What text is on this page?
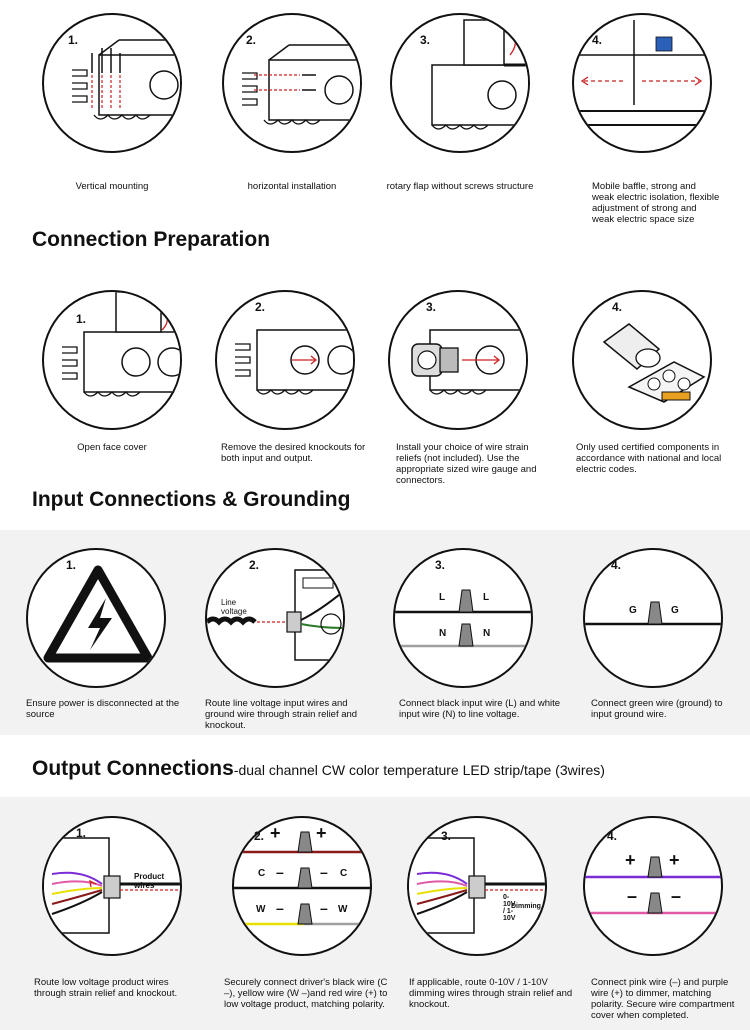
1.
Vertical mounting
2.
horizontal installation
3.
rotary flap without screws structure
4.
Mobile baffle, strong and weak electric isolation, flexible adjustment of strong and weak electric space size
Connection Preparation
1.
Open face cover
2.
Remove the desired knockouts for both input and output.
3.
Install your choice of wire strain reliefs (not included). Use the appropriate sized wire gauge and connectors.
4.
Only used certified components in accordance with national and local electric codes.
Input Connections & Grounding
1.
Ensure power is disconnected at the source
2.
Line voltage
Route line voltage input wires and ground wire through strain relief and knockout.
3.
L	L
N	N
Connect black input wire (L) and white input wire (N) to line voltage.
4.
G	G
Connect green wire (ground) to input ground wire.
Output Connections-dual channel CW color temperature LED strip/tape (3wires)
1.
Product wires
Route low voltage product wires through strain relief and knockout.
2. + +
C –	– C
W –	– W
Securely connect driver's black wire (C –), yellow wire (W –)and red wire (+) to low voltage product, matching polarity.
3.
0-10V / 1-10V
Dimming
If applicable, route 0-10V / 1-10V dimming wires through strain relief and knockout.
4.
+ +
– –
Connect pink wire (–) and purple wire (+) to dimmer, matching polarity. Secure wire compartment cover when completed.
